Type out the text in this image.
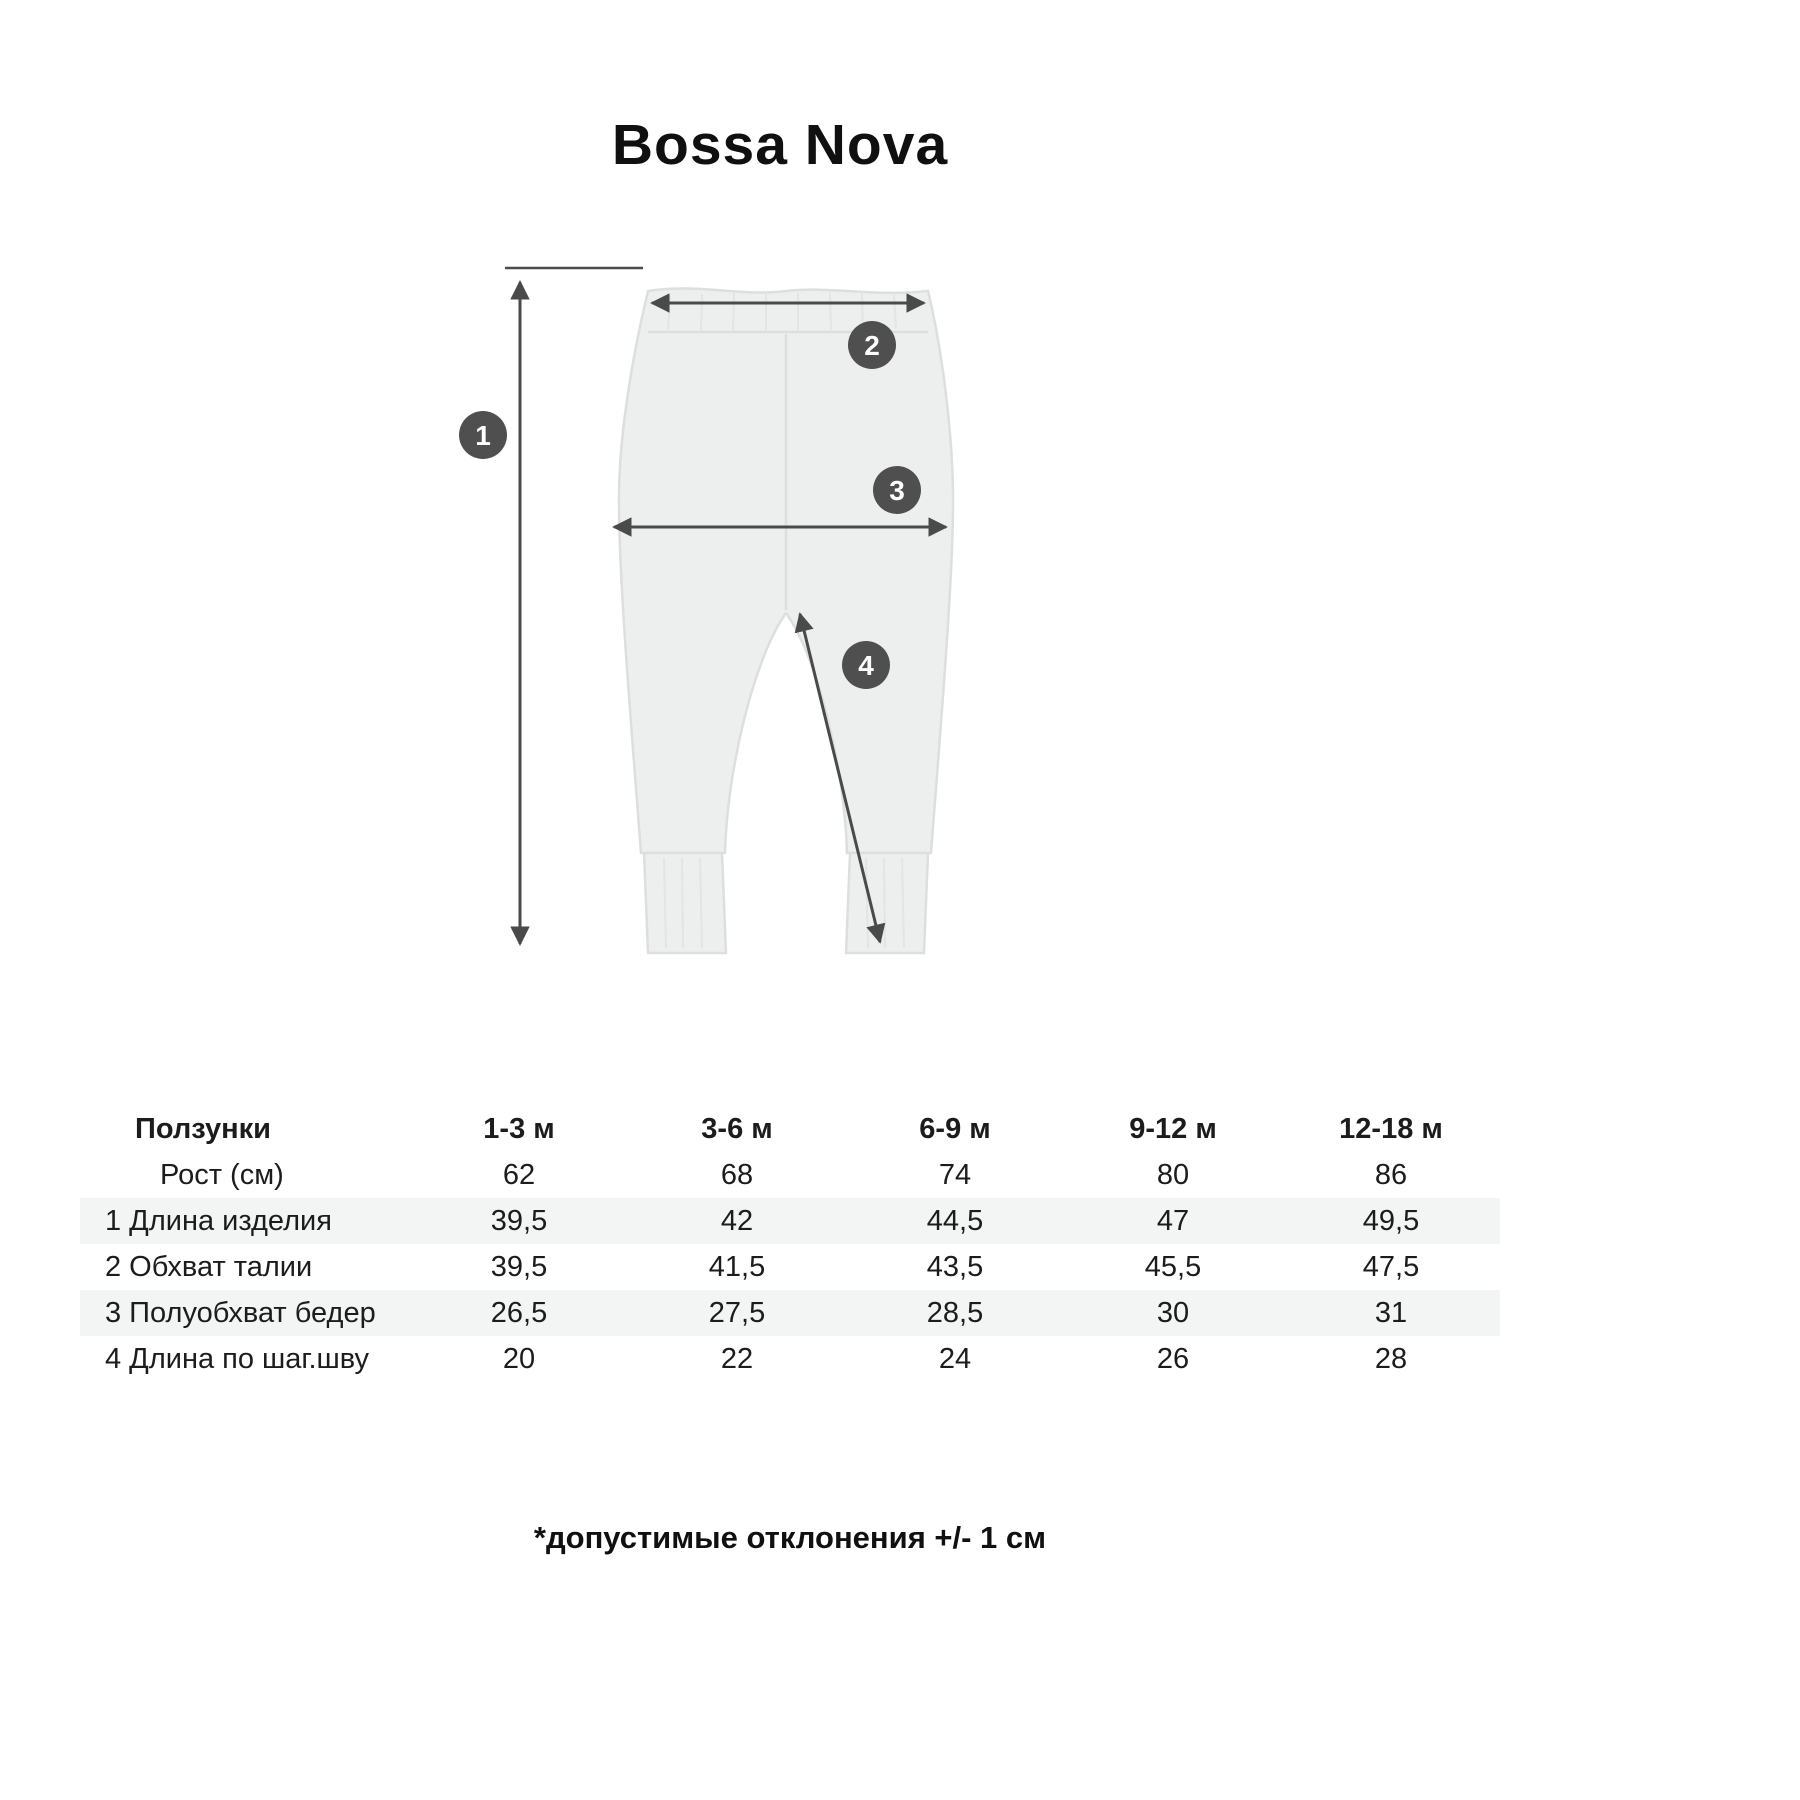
Bossa Nova
1
2
3
4
Ползунки	1-3 м	3-6 м	6-9 м	9-12 м	12-18 м
Рост (см)	62	68	74	80	86
1 Длина изделия	39,5	42	44,5	47	49,5
2 Обхват талии	39,5	41,5	43,5	45,5	47,5
3 Полуобхват бедер	26,5	27,5	28,5	30	31
4 Длина по шаг.шву	20	22	24	26	28
*допустимые отклонения +/- 1 см
